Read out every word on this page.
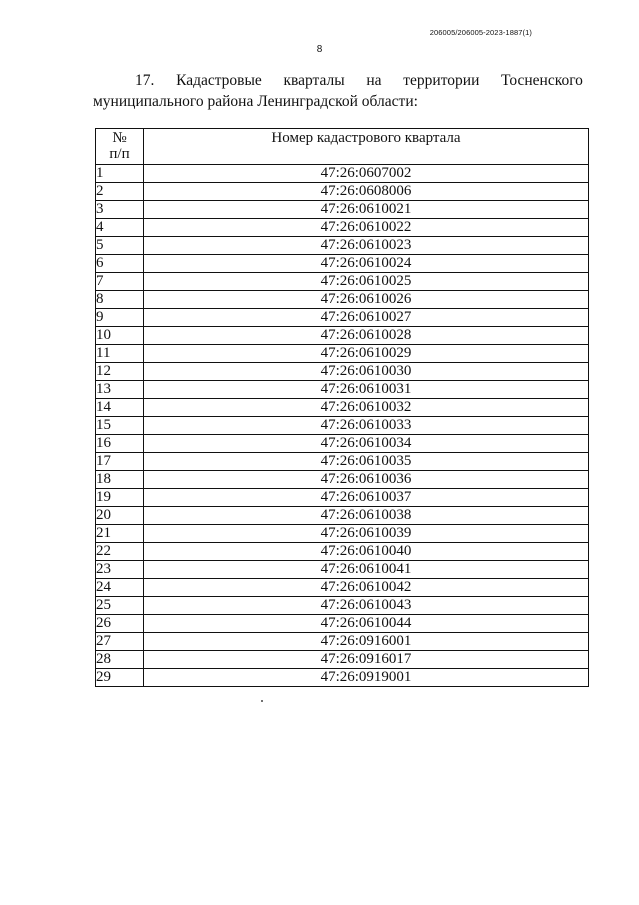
206005/206005-2023-1887(1)
8
17. Кадастровые кварталы на территории Тосненского
муниципального района Ленинградской области:
№
п/п	Номер кадастрового квартала
1	47:26:0607002
2	47:26:0608006
3	47:26:0610021
4	47:26:0610022
5	47:26:0610023
6	47:26:0610024
7	47:26:0610025
8	47:26:0610026
9	47:26:0610027
10	47:26:0610028
11	47:26:0610029
12	47:26:0610030
13	47:26:0610031
14	47:26:0610032
15	47:26:0610033
16	47:26:0610034
17	47:26:0610035
18	47:26:0610036
19	47:26:0610037
20	47:26:0610038
21	47:26:0610039
22	47:26:0610040
23	47:26:0610041
24	47:26:0610042
25	47:26:0610043
26	47:26:0610044
27	47:26:0916001
28	47:26:0916017
29	47:26:0919001
